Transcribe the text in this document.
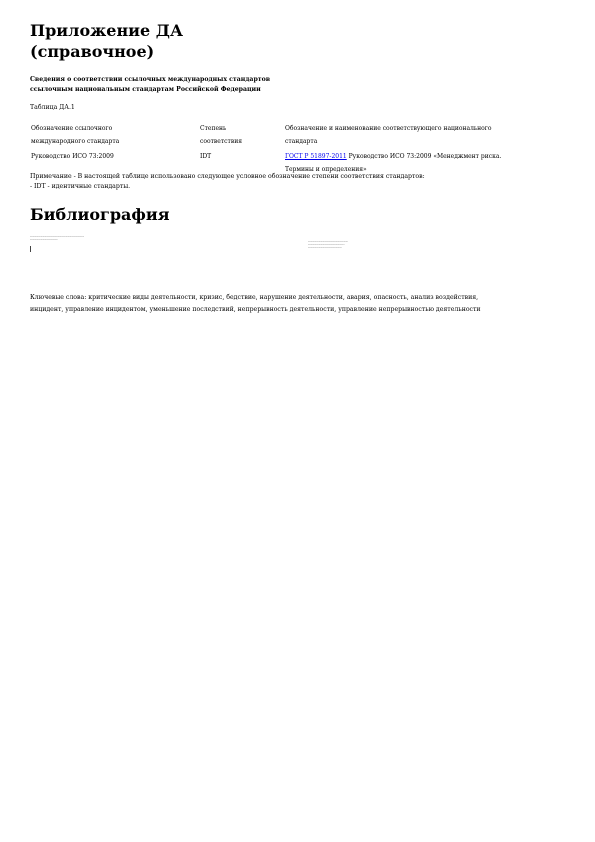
Приложение ДА
(справочное)

Сведения о соответствии ссылочных международных стандартов
ссылочным национальным стандартам Российской Федерации

Таблица ДА.1

Обозначение ссылочного
международного стандарта
Степень
соответствия
Обозначение и наименование соответствующего национального
стандарта
Руководство ИСО 73:2009	IDT	ГОСТ Р 51897-2011 Руководство ИСО 73:2009 «Менеджмент риска.
Термины и определения»

Примечание - В настоящей таблице использовано следующее условное обозначение степени соответствия стандартов:
- IDT - идентичные стандарты.

Библиография
--------------------------------------------------------------------------------
-----------------------------------------
-----------------------------------------------------------
------------------------------------------------------
--------------------------------------------------

Ключевые слова: критические виды деятельности, кризис, бедствие, нарушение деятельности, авария, опасность, анализ воздействия,
инцидент, управление инцидентом, уменьшение последствий, непрерывность деятельности, управление непрерывностью деятельности
